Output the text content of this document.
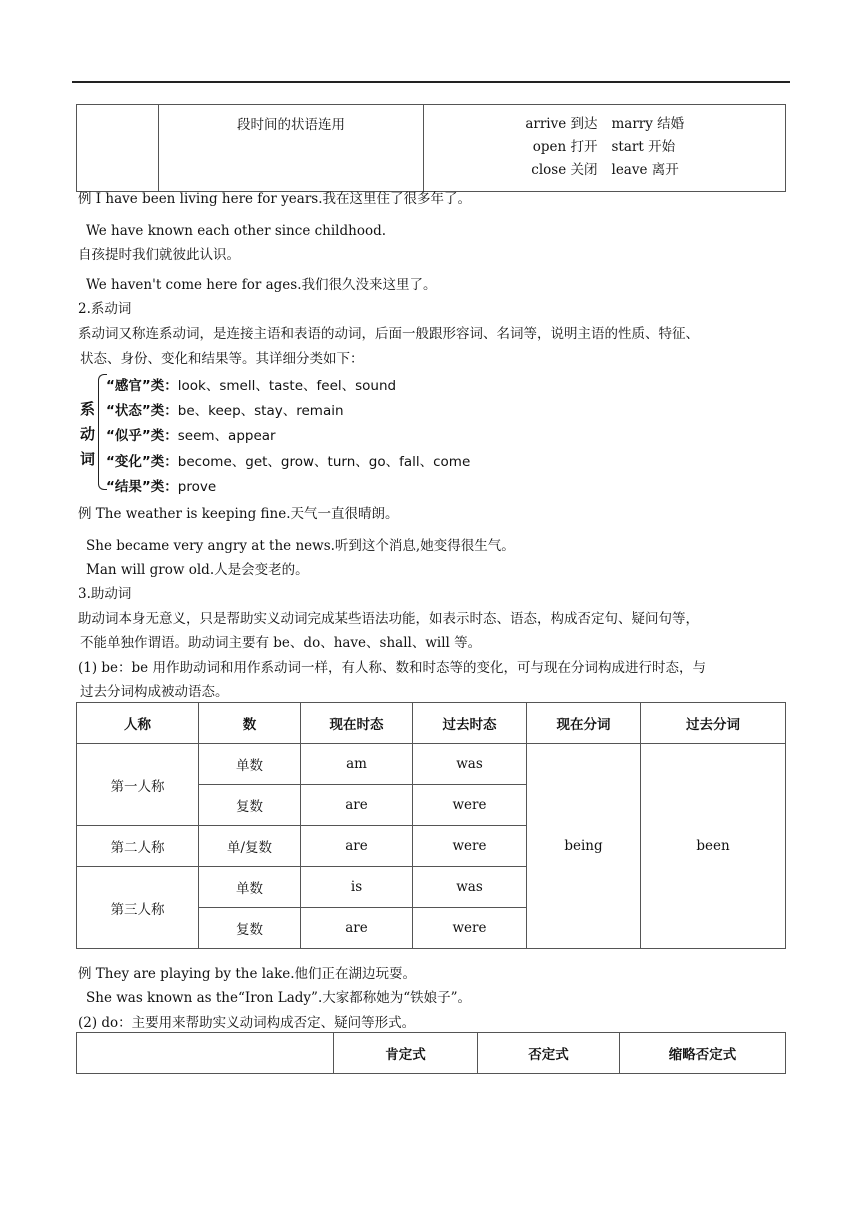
	段时间的状语连用	arrive 到达	marry 结婚
open 打开	start 开始
close 关闭	leave 离开
例 I have been living here for years.我在这里住了很多年了。
We have known each other since childhood.
自孩提时我们就彼此认识。
We haven't come here for ages.我们很久没来这里了。
2.系动词
系动词又称连系动词，是连接主语和表语的动词，后面一般跟形容词、名词等，说明主语的性质、特征、
状态、身份、变化和结果等。其详细分类如下：
系
动
词
“感官”类：look、smell、taste、feel、sound
“状态”类：be、keep、stay、remain
“似乎”类：seem、appear
“变化”类：become、get、grow、turn、go、fall、come
“结果”类：prove
例 The weather is keeping fine.天气一直很晴朗。
She became very angry at the news.听到这个消息,她变得很生气。
Man will grow old.人是会变老的。
3.助动词
助动词本身无意义，只是帮助实义动词完成某些语法功能，如表示时态、语态，构成否定句、疑问句等，
不能单独作谓语。助动词主要有 be、do、have、shall、will 等。
(1) be：be 用作助动词和用作系动词一样，有人称、数和时态等的变化，可与现在分词构成进行时态，与
过去分词构成被动语态。
人称	数	现在时态	过去时态	现在分词	过去分词
第一人称	单数	am	was	being	been
	复数	are	were		
第二人称	单/复数	are	were		
第三人称	单数	is	was		
	复数	are	were		
例 They are playing by the lake.他们正在湖边玩耍。
She was known as the“Iron Lady”.大家都称她为“铁娘子”。
(2) do：主要用来帮助实义动词构成否定、疑问等形式。
	肯定式	否定式	缩略否定式
